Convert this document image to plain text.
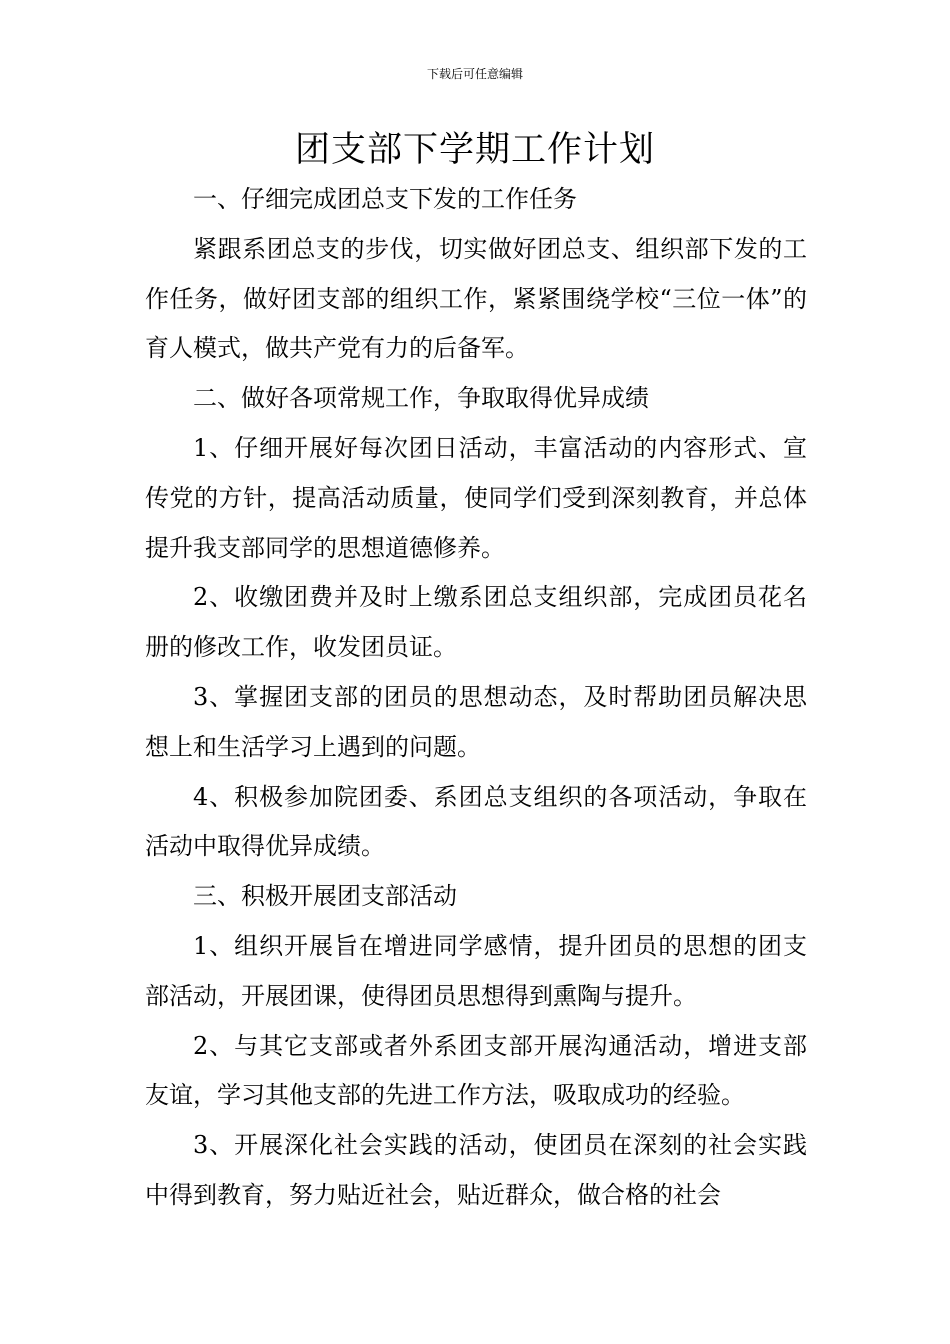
下载后可任意编辑
团支部下学期工作计划

一、仔细完成团总支下发的工作任务

紧跟系团总支的步伐，切实做好团总支、组织部下发的工作任务，做好团支部的组织工作，紧紧围绕学校“三位一体”的育人模式，做共产党有力的后备军。

二、做好各项常规工作，争取取得优异成绩

1、仔细开展好每次团日活动，丰富活动的内容形式、宣传党的方针，提高活动质量，使同学们受到深刻教育，并总体提升我支部同学的思想道德修养。

2、收缴团费并及时上缴系团总支组织部，完成团员花名册的修改工作，收发团员证。

3、掌握团支部的团员的思想动态，及时帮助团员解决思想上和生活学习上遇到的问题。

4、积极参加院团委、系团总支组织的各项活动，争取在活动中取得优异成绩。

三、积极开展团支部活动

1、组织开展旨在增进同学感情，提升团员的思想的团支部活动，开展团课，使得团员思想得到熏陶与提升。

2、与其它支部或者外系团支部开展沟通活动，增进支部友谊，学习其他支部的先进工作方法，吸取成功的经验。

3、开展深化社会实践的活动，使团员在深刻的社会实践中得到教育，努力贴近社会，贴近群众，做合格的社会
